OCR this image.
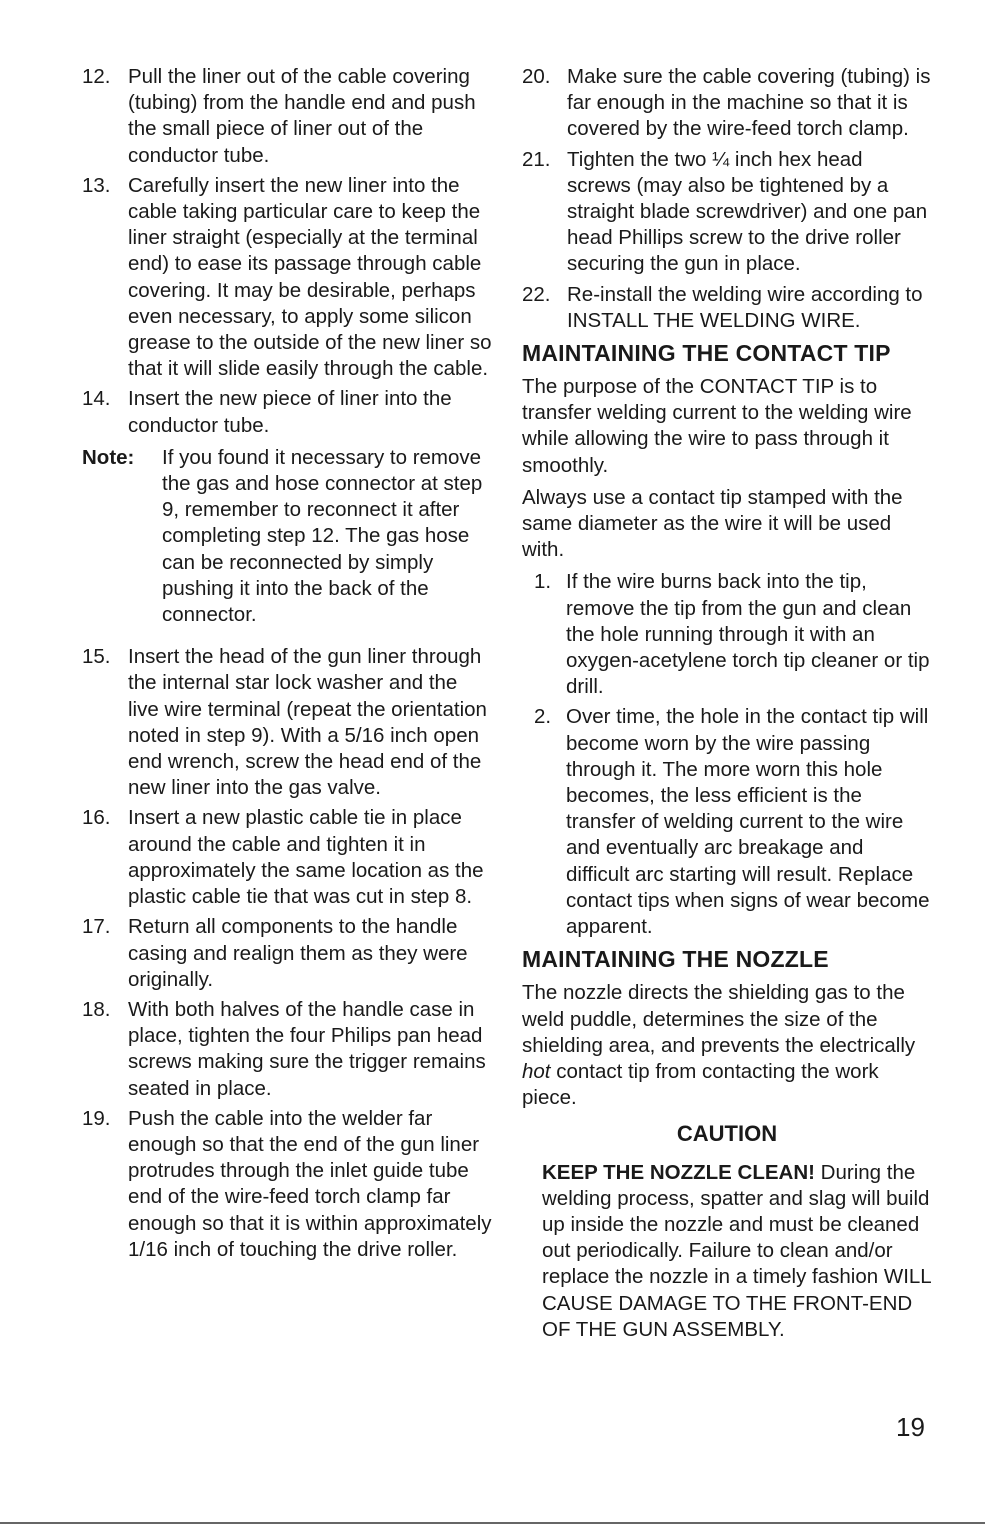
12. Pull the liner out of the cable covering (tubing) from the handle end and push the small piece of liner out of the conductor tube.
13. Carefully insert the new liner into the cable taking particular care to keep the liner straight (especially at the terminal end) to ease its passage through cable covering. It may be desirable, perhaps even necessary, to apply some silicon grease to the outside of the new liner so that it will slide easily through the cable.
14. Insert the new piece of liner into the conductor tube.
Note:	If you found it necessary to remove the gas and hose connector at step 9, remember to reconnect it after completing step 12. The gas hose can be reconnected by simply pushing it into the back of the connector.
15. Insert the head of the gun liner through the internal star lock washer and the live wire terminal (repeat the orientation noted in step 9). With a 5/16 inch open end wrench, screw the head end of the new liner into the gas valve.
16. Insert a new plastic cable tie in place around the cable and tighten it in approximately the same location as the plastic cable tie that was cut in step 8.
17. Return all components to the handle casing and realign them as they were originally.
18. With both halves of the handle case in place, tighten the four Philips pan head screws making sure the trigger remains seated in place.
19. Push the cable into the welder far enough so that the end of the gun liner protrudes through the inlet guide tube end of the wire-feed torch clamp far enough so that it is within approximately 1/16 inch of touching the drive roller.
20. Make sure the cable covering (tubing) is far enough in the machine so that it is covered by the wire-feed torch clamp.
21. Tighten the two ¼ inch hex head screws (may also be tightened by a straight blade screwdriver) and one pan head Phillips screw to the drive roller securing the gun in place.
22. Re-install the welding wire according to INSTALL THE WELDING WIRE.
MAINTAINING THE CONTACT TIP
The purpose of the CONTACT TIP is to transfer welding current to the welding wire while allowing the wire to pass through it smoothly.
Always use a contact tip stamped with the same diameter as the wire it will be used with.
1. If the wire burns back into the tip, remove the tip from the gun and clean the hole running through it with an oxygen-acetylene torch tip cleaner or tip drill.
2. Over time, the hole in the contact tip will become worn by the wire passing through it. The more worn this hole becomes, the less efficient is the transfer of welding current to the wire and eventually arc breakage and difficult arc starting will result. Replace contact tips when signs of wear become apparent.
MAINTAINING THE NOZZLE
The nozzle directs the shielding gas to the weld puddle, determines the size of the shielding area, and prevents the electrically hot contact tip from contacting the work piece.
CAUTION
KEEP THE NOZZLE CLEAN! During the welding process, spatter and slag will build up inside the nozzle and must be cleaned out periodically. Failure to clean and/or replace the nozzle in a timely fashion WILL CAUSE DAMAGE TO THE FRONT-END OF THE GUN ASSEMBLY.
19
